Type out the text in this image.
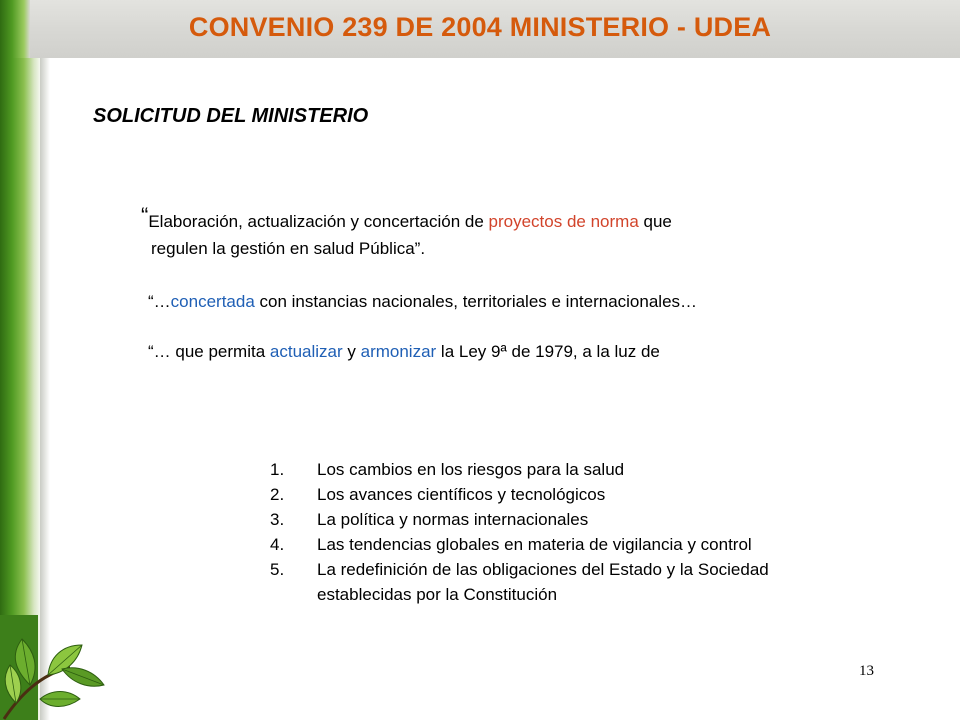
CONVENIO 239 DE 2004 MINISTERIO - UDEA
SOLICITUD DEL MINISTERIO
“Elaboración, actualización y concertación de proyectos de norma que
regulen la gestión en salud Pública”.
“…concertada con instancias nacionales, territoriales e internacionales…
“… que permita actualizar y armonizar la Ley 9ª de 1979, a la luz de
1.	Los cambios en los riesgos para la salud
2.	Los avances científicos y tecnológicos
3.	La política y normas internacionales
4.	Las tendencias globales en materia de vigilancia y control
5.	La redefinición de las obligaciones del Estado y la Sociedad establecidas por la Constitución
13
